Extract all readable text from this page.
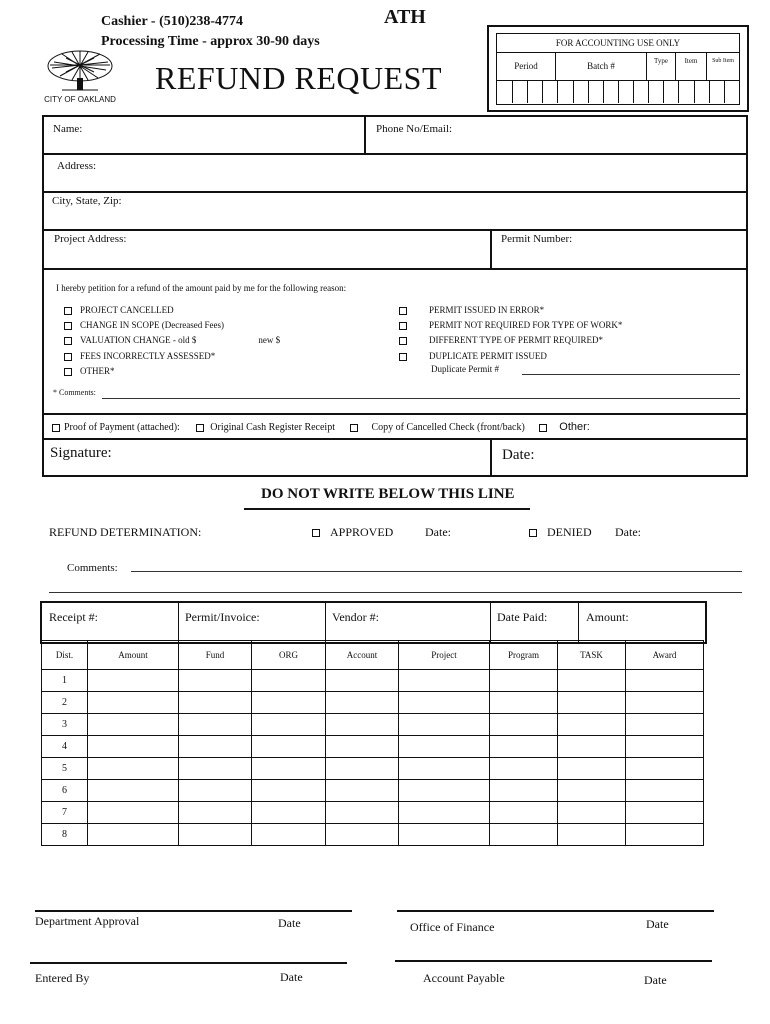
Cashier - (510)238-4774
Processing Time - approx 30-90 days
ATH
REFUND REQUEST
CITY OF OAKLAND
FOR ACCOUNTING USE ONLY
Period	Batch #	Type	Item	Sub Item
Name:	Phone No/Email:
Address:
City, State, Zip:
Project Address:	Permit Number:
I hereby petition for a refund of the amount paid by me for the following reason:
PROJECT CANCELLED
CHANGE IN SCOPE (Decreased Fees)
VALUATION CHANGE - old $	new $
FEES INCORRECTLY ASSESSED*
OTHER*
PERMIT ISSUED IN ERROR*
PERMIT NOT REQUIRED FOR TYPE OF WORK*
DIFFERENT TYPE OF PERMIT REQUIRED*
DUPLICATE PERMIT ISSUED
Duplicate Permit #
* Comments:
Proof of Payment (attached):	Original Cash Register Receipt	Copy of Cancelled Check (front/back)	Other:
Signature:	Date:
DO NOT WRITE BELOW THIS LINE
REFUND DETERMINATION:	APPROVED	Date:	DENIED Date:
Comments:
Receipt #:	Permit/Invoice:	Vendor #:	Date Paid:	Amount:
Dist.	Amount	Fund	ORG	Account	Project	Program	TASK	Award
1								
2								
3								
4								
5								
6								
7								
8								
Department Approval	Date	Office of Finance	Date
Entered By	Date	Account Payable	Date
